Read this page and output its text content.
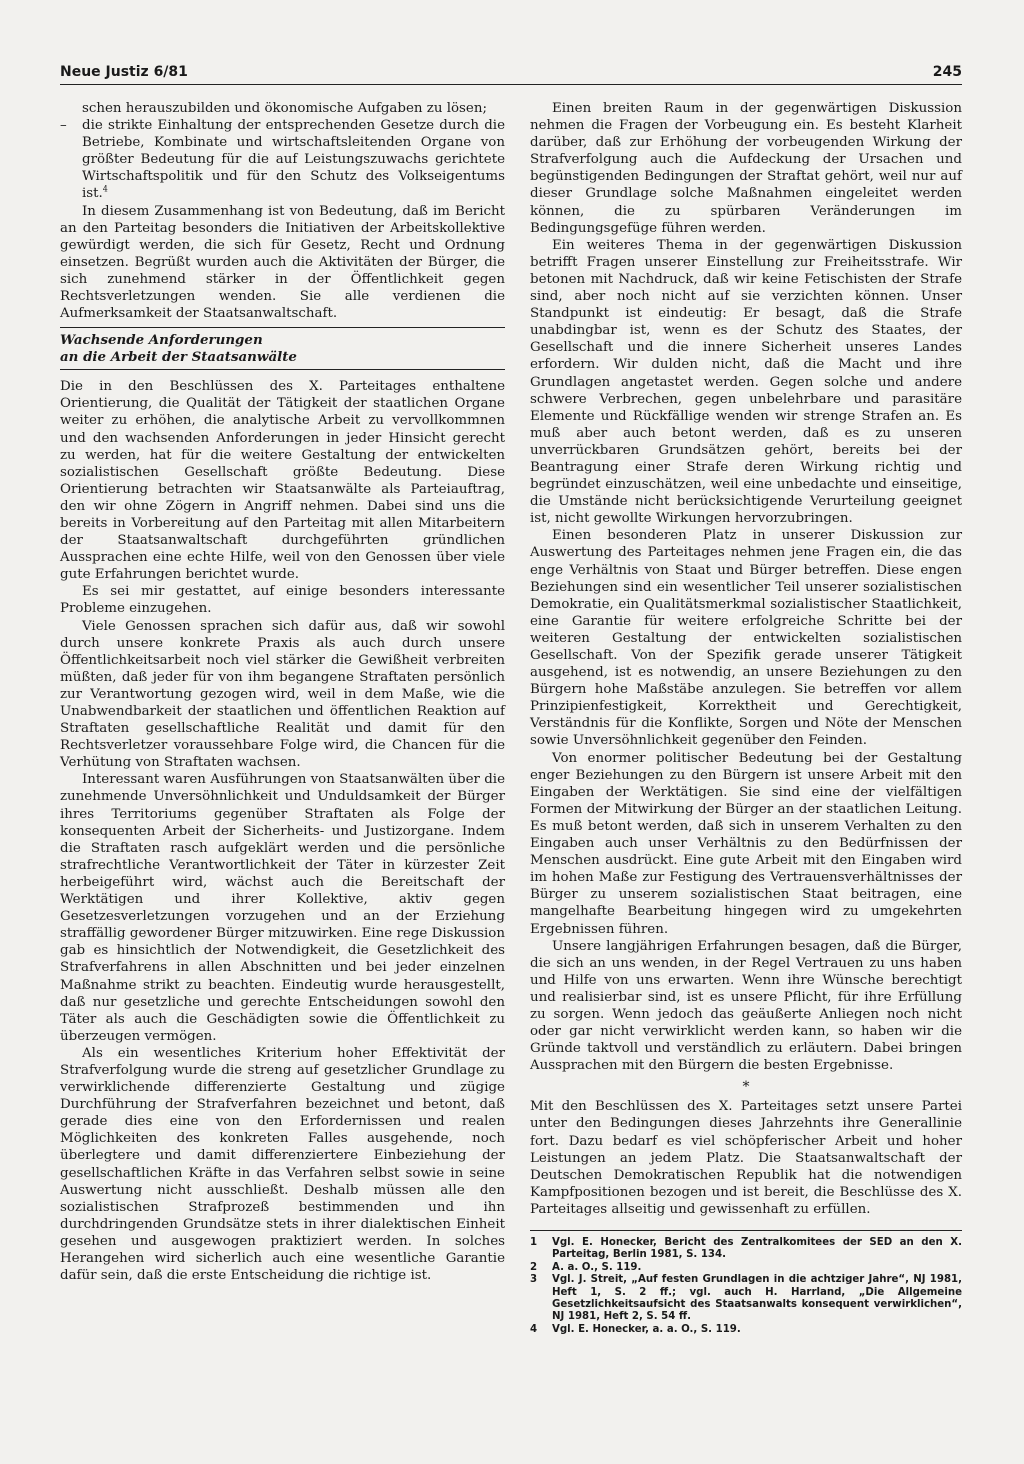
Neue Justiz 6/81	245

schen herauszubilden und ökonomische Aufgaben zu lösen;

– die strikte Einhaltung der entsprechenden Gesetze durch die Betriebe, Kombinate und wirtschaftsleitenden Organe von größter Bedeutung für die auf Leistungszuwachs gerichtete Wirtschaftspolitik und für den Schutz des Volkseigentums ist.$^4$

In diesem Zusammenhang ist von Bedeutung, daß im Bericht an den Parteitag besonders die Initiativen der Arbeitskollektive gewürdigt werden, die sich für Gesetz, Recht und Ordnung einsetzen. Begrüßt wurden auch die Aktivitäten der Bürger, die sich zunehmend stärker in der Öffentlichkeit gegen Rechtsverletzungen wenden. Sie alle verdienen die Aufmerksamkeit der Staatsanwaltschaft.

Wachsende Anforderungen
an die Arbeit der Staatsanwälte

Die in den Beschlüssen des X. Parteitages enthaltene Orientierung, die Qualität der Tätigkeit der staatlichen Organe weiter zu erhöhen, die analytische Arbeit zu vervollkommnen und den wachsenden Anforderungen in jeder Hinsicht gerecht zu werden, hat für die weitere Gestaltung der entwickelten sozialistischen Gesellschaft größte Bedeutung. Diese Orientierung betrachten wir Staatsanwälte als Parteiauftrag, den wir ohne Zögern in Angriff nehmen. Dabei sind uns die bereits in Vorbereitung auf den Parteitag mit allen Mitarbeitern der Staatsanwaltschaft durchgeführten gründlichen Aussprachen eine echte Hilfe, weil von den Genossen über viele gute Erfahrungen berichtet wurde.

Es sei mir gestattet, auf einige besonders interessante Probleme einzugehen.

Viele Genossen sprachen sich dafür aus, daß wir sowohl durch unsere konkrete Praxis als auch durch unsere Öffentlichkeitsarbeit noch viel stärker die Gewißheit verbreiten müßten, daß jeder für von ihm begangene Straftaten persönlich zur Verantwortung gezogen wird, weil in dem Maße, wie die Unabwendbarkeit der staatlichen und öffentlichen Reaktion auf Straftaten gesellschaftliche Realität und damit für den Rechtsverletzer voraussehbare Folge wird, die Chancen für die Verhütung von Straftaten wachsen.

Interessant waren Ausführungen von Staatsanwälten über die zunehmende Unversöhnlichkeit und Unduldsamkeit der Bürger ihres Territoriums gegenüber Straftaten als Folge der konsequenten Arbeit der Sicherheits- und Justizorgane. Indem die Straftaten rasch aufgeklärt werden und die persönliche strafrechtliche Verantwortlichkeit der Täter in kürzester Zeit herbeigeführt wird, wächst auch die Bereitschaft der Werktätigen und ihrer Kollektive, aktiv gegen Gesetzesverletzungen vorzugehen und an der Erziehung straffällig gewordener Bürger mitzuwirken. Eine rege Diskussion gab es hinsichtlich der Notwendigkeit, die Gesetzlichkeit des Strafverfahrens in allen Abschnitten und bei jeder einzelnen Maßnahme strikt zu beachten. Eindeutig wurde herausgestellt, daß nur gesetzliche und gerechte Entscheidungen sowohl den Täter als auch die Geschädigten sowie die Öffentlichkeit zu überzeugen vermögen.

Als ein wesentliches Kriterium hoher Effektivität der Strafverfolgung wurde die streng auf gesetzlicher Grundlage zu verwirklichende differenzierte Gestaltung und zügige Durchführung der Strafverfahren bezeichnet und betont, daß gerade dies eine von den Erfordernissen und realen Möglichkeiten des konkreten Falles ausgehende, noch überlegtere und damit differenziertere Einbeziehung der gesellschaftlichen Kräfte in das Verfahren selbst sowie in seine Auswertung nicht ausschließt. Deshalb müssen alle den sozialistischen Strafprozeß bestimmenden und ihn durchdringenden Grundsätze stets in ihrer dialektischen Einheit gesehen und ausgewogen praktiziert werden. In solches Herangehen wird sicherlich auch eine wesentliche Garantie dafür sein, daß die erste Entscheidung die richtige ist.

Einen breiten Raum in der gegenwärtigen Diskussion nehmen die Fragen der Vorbeugung ein. Es besteht Klarheit darüber, daß zur Erhöhung der vorbeugenden Wirkung der Strafverfolgung auch die Aufdeckung der Ursachen und begünstigenden Bedingungen der Straftat gehört, weil nur auf dieser Grundlage solche Maßnahmen eingeleitet werden können, die zu spürbaren Veränderungen im Bedingungsgefüge führen werden.

Ein weiteres Thema in der gegenwärtigen Diskussion betrifft Fragen unserer Einstellung zur Freiheitsstrafe. Wir betonen mit Nachdruck, daß wir keine Fetischisten der Strafe sind, aber noch nicht auf sie verzichten können. Unser Standpunkt ist eindeutig: Er besagt, daß die Strafe unabdingbar ist, wenn es der Schutz des Staates, der Gesellschaft und die innere Sicherheit unseres Landes erfordern. Wir dulden nicht, daß die Macht und ihre Grundlagen angetastet werden. Gegen solche und andere schwere Verbrechen, gegen unbelehrbare und parasitäre Elemente und Rückfällige wenden wir strenge Strafen an. Es muß aber auch betont werden, daß es zu unseren unverrückbaren Grundsätzen gehört, bereits bei der Beantragung einer Strafe deren Wirkung richtig und begründet einzuschätzen, weil eine unbedachte und einseitige, die Umstände nicht berücksichtigende Verurteilung geeignet ist, nicht gewollte Wirkungen hervorzubringen.

Einen besonderen Platz in unserer Diskussion zur Auswertung des Parteitages nehmen jene Fragen ein, die das enge Verhältnis von Staat und Bürger betreffen. Diese engen Beziehungen sind ein wesentlicher Teil unserer sozialistischen Demokratie, ein Qualitätsmerkmal sozialistischer Staatlichkeit, eine Garantie für weitere erfolgreiche Schritte bei der weiteren Gestaltung der entwickelten sozialistischen Gesellschaft. Von der Spezifik gerade unserer Tätigkeit ausgehend, ist es notwendig, an unsere Beziehungen zu den Bürgern hohe Maßstäbe anzulegen. Sie betreffen vor allem Prinzipienfestigkeit, Korrektheit und Gerechtigkeit, Verständnis für die Konflikte, Sorgen und Nöte der Menschen sowie Unversöhnlichkeit gegenüber den Feinden.

Von enormer politischer Bedeutung bei der Gestaltung enger Beziehungen zu den Bürgern ist unsere Arbeit mit den Eingaben der Werktätigen. Sie sind eine der vielfältigen Formen der Mitwirkung der Bürger an der staatlichen Leitung. Es muß betont werden, daß sich in unserem Verhalten zu den Eingaben auch unser Verhältnis zu den Bedürfnissen der Menschen ausdrückt. Eine gute Arbeit mit den Eingaben wird im hohen Maße zur Festigung des Vertrauensverhältnisses der Bürger zu unserem sozialistischen Staat beitragen, eine mangelhafte Bearbeitung hingegen wird zu umgekehrten Ergebnissen führen.

Unsere langjährigen Erfahrungen besagen, daß die Bürger, die sich an uns wenden, in der Regel Vertrauen zu uns haben und Hilfe von uns erwarten. Wenn ihre Wünsche berechtigt und realisierbar sind, ist es unsere Pflicht, für ihre Erfüllung zu sorgen. Wenn jedoch das geäußerte Anliegen noch nicht oder gar nicht verwirklicht werden kann, so haben wir die Gründe taktvoll und verständlich zu erläutern. Dabei bringen Aussprachen mit den Bürgern die besten Ergebnisse.

*

Mit den Beschlüssen des X. Parteitages setzt unsere Partei unter den Bedingungen dieses Jahrzehnts ihre Generallinie fort. Dazu bedarf es viel schöpferischer Arbeit und hoher Leistungen an jedem Platz. Die Staatsanwaltschaft der Deutschen Demokratischen Republik hat die notwendigen Kampfpositionen bezogen und ist bereit, die Beschlüsse des X. Parteitages allseitig und gewissenhaft zu erfüllen.

1	Vgl. E. Honecker, Bericht des Zentralkomitees der SED an den X. Parteitag, Berlin 1981, S. 134.
2	A. a. O., S. 119.
3	Vgl. J. Streit, „Auf festen Grundlagen in die achtziger Jahre“, NJ 1981, Heft 1, S. 2 ff.; vgl. auch H. Harrland, „Die Allgemeine Gesetzlichkeitsaufsicht des Staatsanwalts konsequent verwirklichen“, NJ 1981, Heft 2, S. 54 ff.
4	Vgl. E. Honecker, a. a. O., S. 119.
